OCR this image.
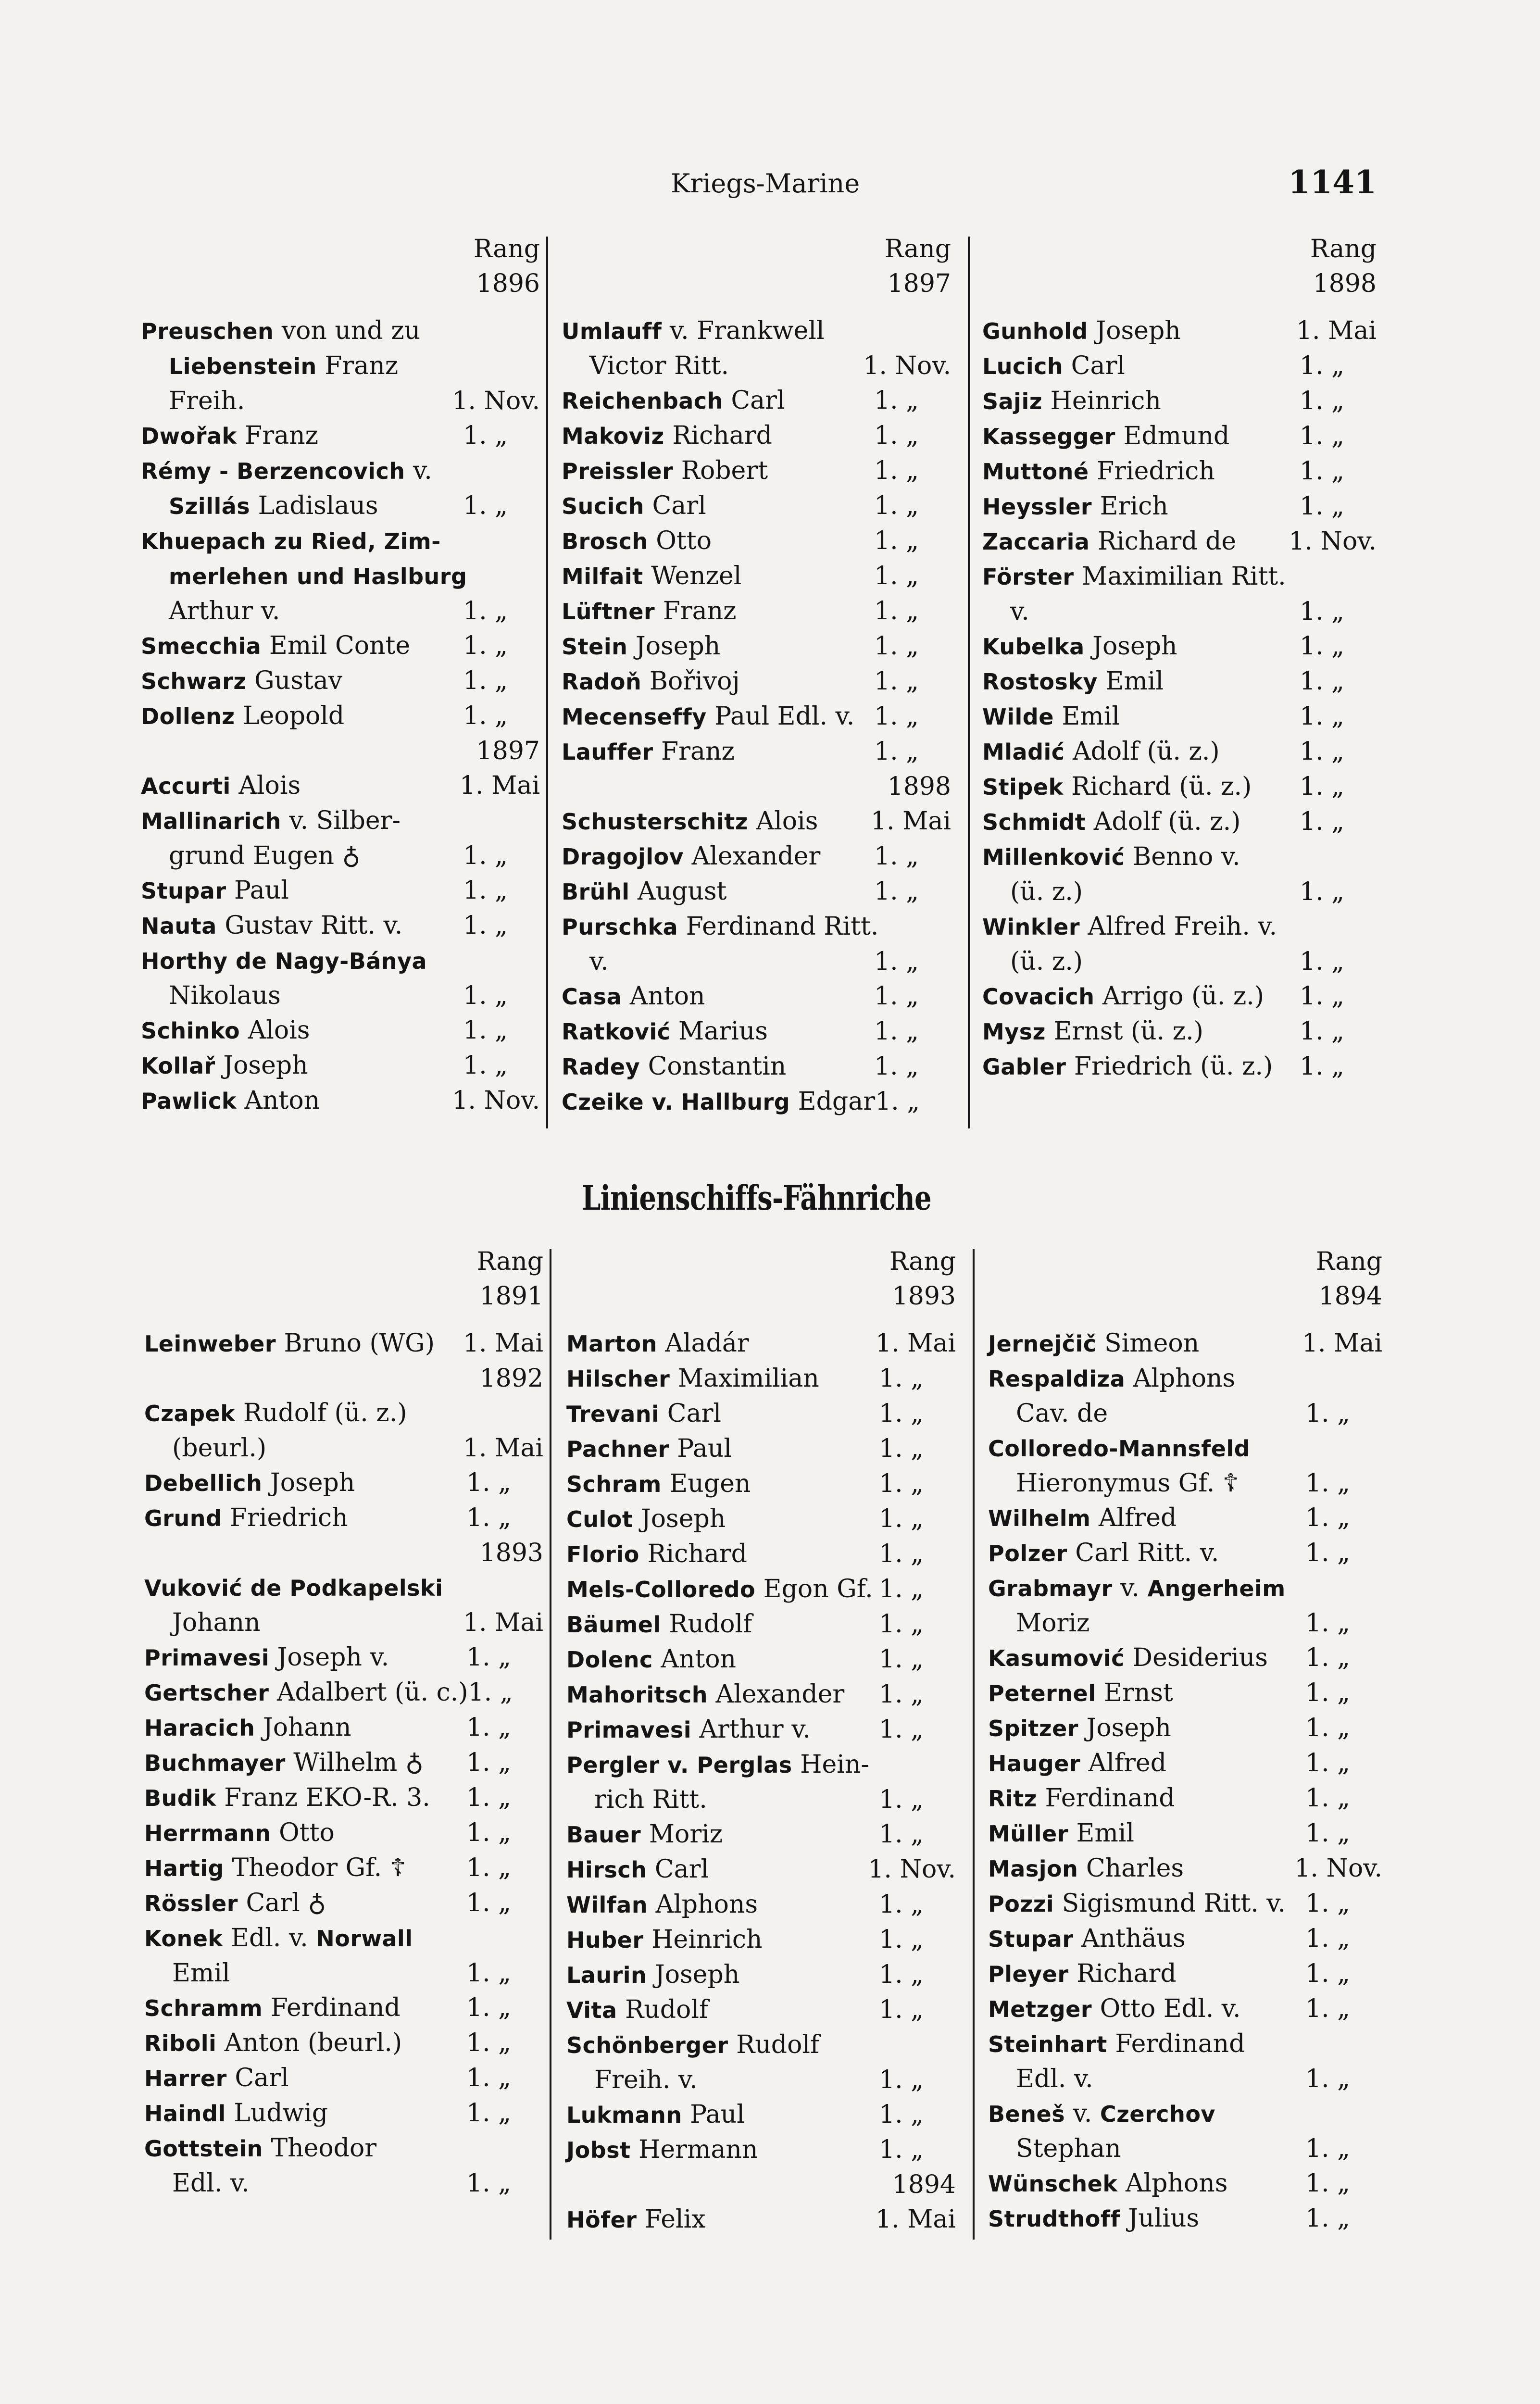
Kriegs-Marine	1141
Rang
1896
Preuschen von und zu
Liebenstein Franz
Freih.	1. Nov.
Dwořak Franz	1. „
Rémy - Berzencovich v.
Szillás Ladislaus	1. „
Khuepach zu Ried, Zim-
merlehen und Haslburg
Arthur v.	1. „
Smecchia Emil Conte 1. „
Schwarz Gustav	1. „
Dollenz Leopold	1. „
1897
Accurti Alois	1. Mai
Mallinarich v. Silber-
grund Eugen ♁	1. „
Stupar Paul	1. „
Nauta Gustav Ritt. v. 1. „
Horthy de Nagy-Bánya
Nikolaus	1. „
Schinko Alois	1. „
Kollař Joseph	1. „
Pawlick Anton	1. Nov.
Rang
1897
Umlauff v. Frankwell
Victor Ritt.	1. Nov.
Reichenbach Carl	1. „
Makoviz Richard	1. „
Preissler Robert	1. „
Sucich Carl	1. „
Brosch Otto	1. „
Milfait Wenzel	1. „
Lüftner Franz	1. „
Stein Joseph	1. „
Radoň Bořivoj	1. „
Mecenseffy Paul Edl. v. 1. „
Lauffer Franz	1. „
1898
Schusterschitz Alois 1. Mai
Dragojlov Alexander 1. „
Brühl August	1. „
Purschka Ferdinand Ritt.
v.	1. „
Casa Anton	1. „
Ratković Marius	1. „
Radey Constantin	1. „
Czeike v. Hallburg Edgar 1. „
Rang
1898
Gunhold Joseph	1. Mai
Lucich Carl	1. „
Sajiz Heinrich	1. „
Kassegger Edmund	1. „
Muttoné Friedrich	1. „
Heyssler Erich	1. „
Zaccaria Richard de 1. Nov.
Förster Maximilian Ritt.
v.	1. „
Kubelka Joseph	1. „
Rostosky Emil	1. „
Wilde Emil	1. „
Mladić Adolf (ü. z.)	1. „
Stipek Richard (ü. z.) 1. „
Schmidt Adolf (ü. z.) 1. „
Millenković Benno v.
(ü. z.)	1. „
Winkler Alfred Freih. v.
(ü. z.)	1. „
Covacich Arrigo (ü. z.) 1. „
Mysz Ernst (ü. z.)	1. „
Gabler Friedrich (ü. z.) 1. „
Linienschiffs-Fähnriche
Rang
1891
Leinweber Bruno (WG) 1. Mai
1892
Czapek Rudolf (ü. z.)
(beurl.)	1. Mai
Debellich Joseph	1. „
Grund Friedrich	1. „
1893
Vuković de Podkapelski
Johann	1. Mai
Primavesi Joseph v.	1. „
Gertscher Adalbert (ü. c.) 1. „
Haracich Johann	1. „
Buchmayer Wilhelm ♁ 1. „
Budik Franz EKO-R. 3. 1. „
Herrmann Otto	1. „
Hartig Theodor Gf. ☦ 1. „
Rössler Carl ♁	1. „
Konek Edl. v. Norwall
Emil	1. „
Schramm Ferdinand	1. „
Riboli Anton (beurl.)	1. „
Harrer Carl	1. „
Haindl Ludwig	1. „
Gottstein Theodor
Edl. v.	1. „
Rang
1893
Marton Aladár	1. Mai
Hilscher Maximilian 1. „
Trevani Carl	1. „
Pachner Paul	1. „
Schram Eugen	1. „
Culot Joseph	1. „
Florio Richard	1. „
Mels-Colloredo Egon Gf. 1. „
Bäumel Rudolf	1. „
Dolenc Anton	1. „
Mahoritsch Alexander 1. „
Primavesi Arthur v.	1. „
Pergler v. Perglas Hein-
rich Ritt.	1. „
Bauer Moriz	1. „
Hirsch Carl	1. Nov.
Wilfan Alphons	1. „
Huber Heinrich	1. „
Laurin Joseph	1. „
Vita Rudolf	1. „
Schönberger Rudolf
Freih. v.	1. „
Lukmann Paul	1. „
Jobst Hermann	1. „
1894
Höfer Felix	1. Mai
Rang
1894
Jernejčič Simeon	1. Mai
Respaldiza Alphons
Cav. de	1. „
Colloredo-Mannsfeld
Hieronymus Gf. ☦	1. „
Wilhelm Alfred	1. „
Polzer Carl Ritt. v.	1. „
Grabmayr v. Angerheim
Moriz	1. „
Kasumović Desiderius 1. „
Peternel Ernst	1. „
Spitzer Joseph	1. „
Hauger Alfred	1. „
Ritz Ferdinand	1. „
Müller Emil	1. „
Masjon Charles	1. Nov.
Pozzi Sigismund Ritt. v. 1. „
Stupar Anthäus	1. „
Pleyer Richard	1. „
Metzger Otto Edl. v.	1. „
Steinhart Ferdinand
Edl. v.	1. „
Beneš v. Czerchov
Stephan	1. „
Wünschek Alphons	1. „
Strudthoff Julius	1. „
